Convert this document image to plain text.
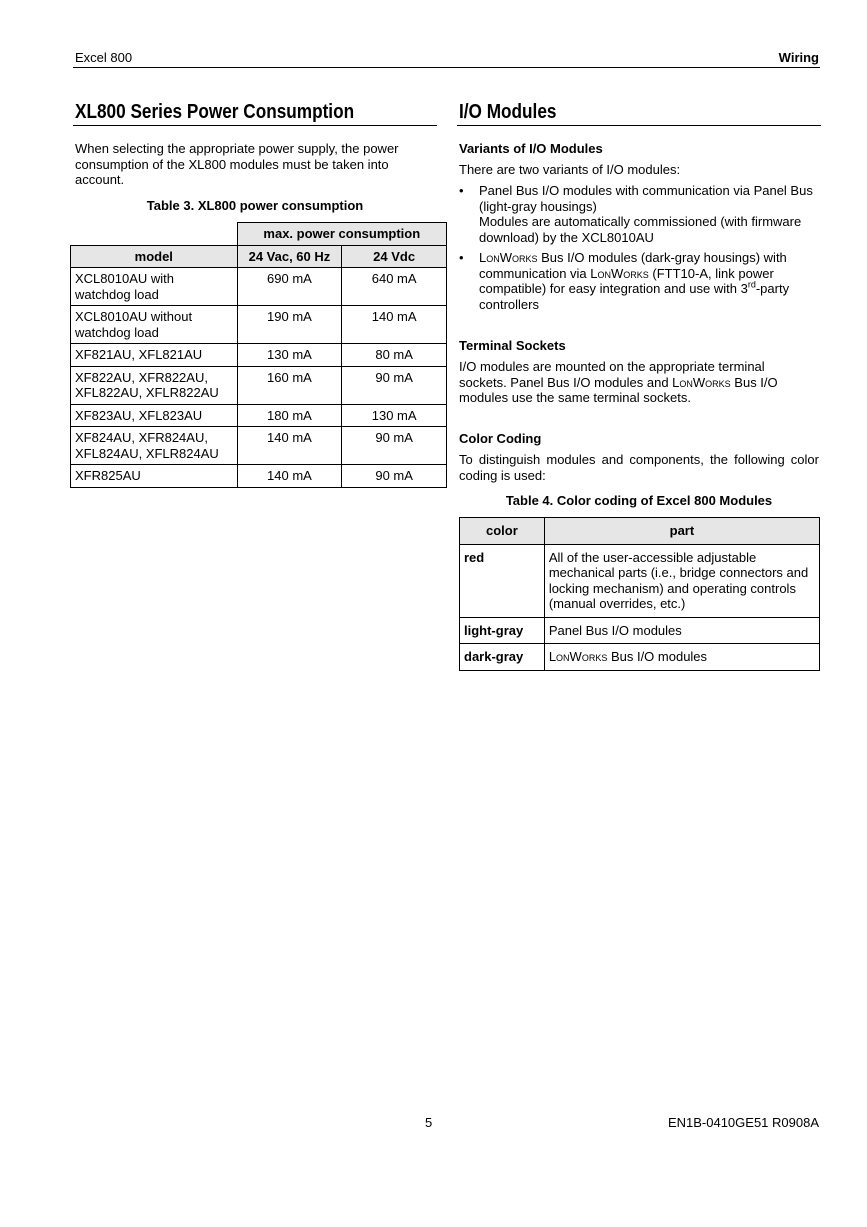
Excel 800	Wiring
XL800 Series Power Consumption
When selecting the appropriate power supply, the power consumption of the XL800 modules must be taken into account.
Table 3. XL800 power consumption
	max. power consumption	
model	24 Vac, 60 Hz	24 Vdc
XCL8010AU with watchdog load	690 mA	640 mA
XCL8010AU without watchdog load	190 mA	140 mA
XF821AU, XFL821AU	130 mA	80 mA
XF822AU, XFR822AU, XFL822AU, XFLR822AU	160 mA	90 mA
XF823AU, XFL823AU	180 mA	130 mA
XF824AU, XFR824AU, XFL824AU, XFLR824AU	140 mA	90 mA
XFR825AU	140 mA	90 mA
I/O Modules
Variants of I/O Modules
There are two variants of I/O modules:
• Panel Bus I/O modules with communication via Panel Bus (light-gray housings)
Modules are automatically commissioned (with firmware download) by the XCL8010AU
• LonWorks Bus I/O modules (dark-gray housings) with communication via LonWorks (FTT10-A, link power compatible) for easy integration and use with 3rd-party controllers
Terminal Sockets
I/O modules are mounted on the appropriate terminal sockets. Panel Bus I/O modules and LonWorks Bus I/O modules use the same terminal sockets.
Color Coding
To distinguish modules and components, the following color coding is used:
Table 4. Color coding of Excel 800 Modules
color	part
red	All of the user-accessible adjustable mechanical parts (i.e., bridge connectors and locking mechanism) and operating controls (manual overrides, etc.)
light-gray	Panel Bus I/O modules
dark-gray	LonWorks Bus I/O modules
5	EN1B-0410GE51 R0908A
